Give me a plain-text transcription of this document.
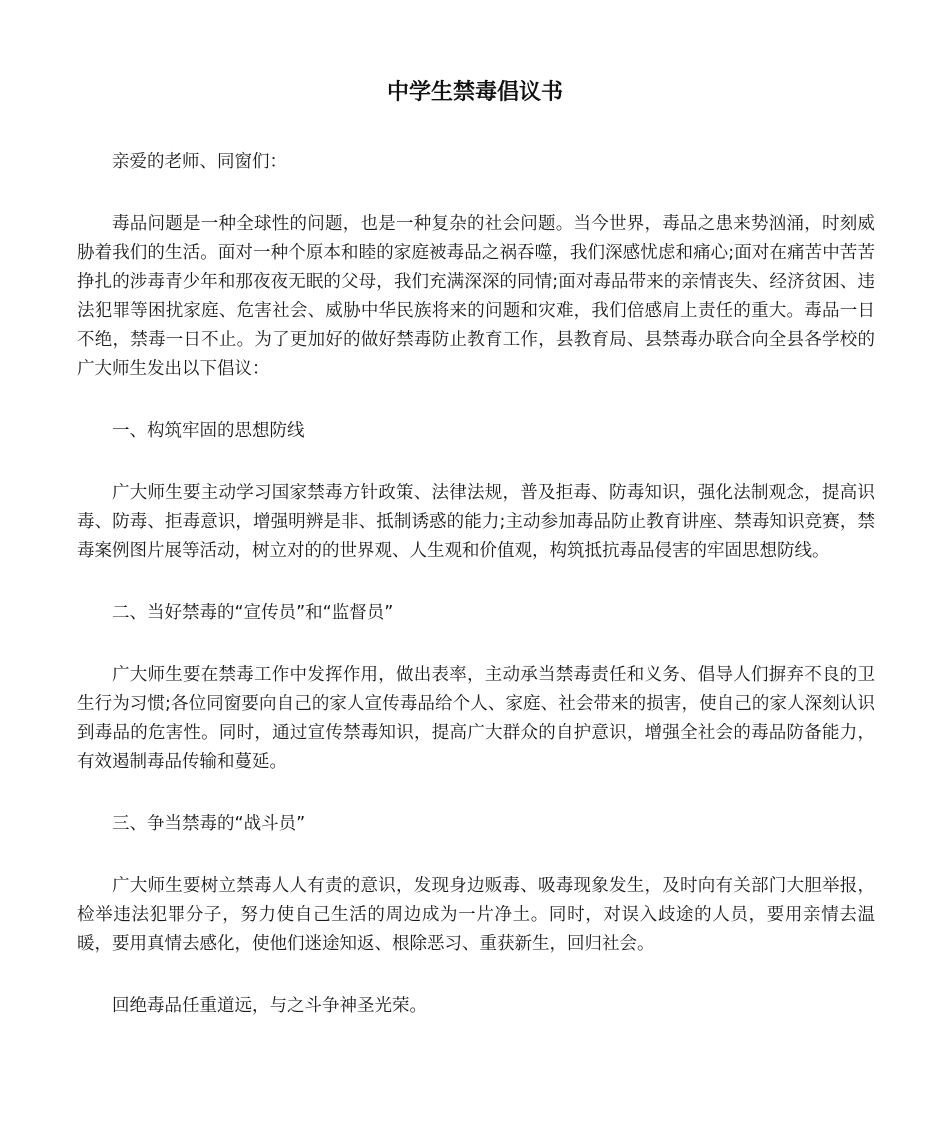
中学生禁毒倡议书

亲爱的老师、同窗们：

毒品问题是一种全球性的问题，也是一种复杂的社会问题。当今世界，毒品之患来势汹涌，时刻威胁着我们的生活。面对一种个原本和睦的家庭被毒品之祸吞噬，我们深感忧虑和痛心;面对在痛苦中苦苦挣扎的涉毒青少年和那夜夜无眠的父母，我们充满深深的同情;面对毒品带来的亲情丧失、经济贫困、违法犯罪等困扰家庭、危害社会、威胁中华民族将来的问题和灾难，我们倍感肩上责任的重大。毒品一日不绝，禁毒一日不止。为了更加好的做好禁毒防止教育工作，县教育局、县禁毒办联合向全县各学校的广大师生发出以下倡议：

一、构筑牢固的思想防线

广大师生要主动学习国家禁毒方针政策、法律法规，普及拒毒、防毒知识，强化法制观念，提高识毒、防毒、拒毒意识，增强明辨是非、抵制诱惑的能力;主动参加毒品防止教育讲座、禁毒知识竞赛，禁毒案例图片展等活动，树立对的的世界观、人生观和价值观，构筑抵抗毒品侵害的牢固思想防线。

二、当好禁毒的“宣传员”和“监督员”

广大师生要在禁毒工作中发挥作用，做出表率，主动承当禁毒责任和义务、倡导人们摒弃不良的卫生行为习惯;各位同窗要向自己的家人宣传毒品给个人、家庭、社会带来的损害，使自己的家人深刻认识到毒品的危害性。同时，通过宣传禁毒知识，提高广大群众的自护意识，增强全社会的毒品防备能力，有效遏制毒品传输和蔓延。

三、争当禁毒的“战斗员”

广大师生要树立禁毒人人有责的意识，发现身边贩毒、吸毒现象发生，及时向有关部门大胆举报，检举违法犯罪分子，努力使自己生活的周边成为一片净土。同时，对误入歧途的人员，要用亲情去温暖，要用真情去感化，使他们迷途知返、根除恶习、重获新生，回归社会。

回绝毒品任重道远，与之斗争神圣光荣。
